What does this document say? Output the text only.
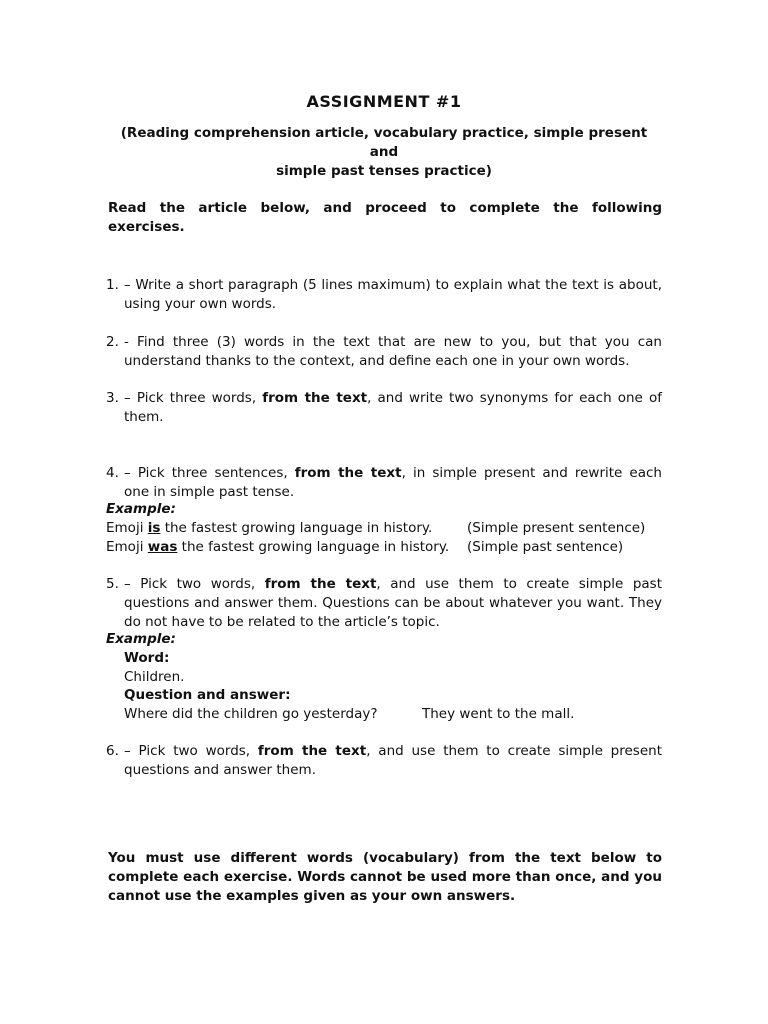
ASSIGNMENT #1
(Reading comprehension article, vocabulary practice, simple present and
simple past tenses practice)
Read the article below, and proceed to complete the following exercises.
1. – Write a short paragraph (5 lines maximum) to explain what the text is about,
using your own words.
2. - Find three (3) words in the text that are new to you, but that you can
understand thanks to the context, and define each one in your own words.
3. – Pick three words, from the text, and write two synonyms for each one of
them.
4. – Pick three sentences, from the text, in simple present and rewrite each
one in simple past tense.
Example:
Emoji is the fastest growing language in history.	(Simple present sentence)
Emoji was the fastest growing language in history. (Simple past sentence)
5. – Pick two words, from the text, and use them to create simple past
questions and answer them. Questions can be about whatever you want. They
do not have to be related to the article’s topic.
Example:
Word:
Children.
Question and answer:
Where did the children go yesterday?	They went to the mall.
6. – Pick two words, from the text, and use them to create simple present
questions and answer them.
You must use different words (vocabulary) from the text below to complete each exercise. Words cannot be used more than once, and you cannot use the examples given as your own answers.
